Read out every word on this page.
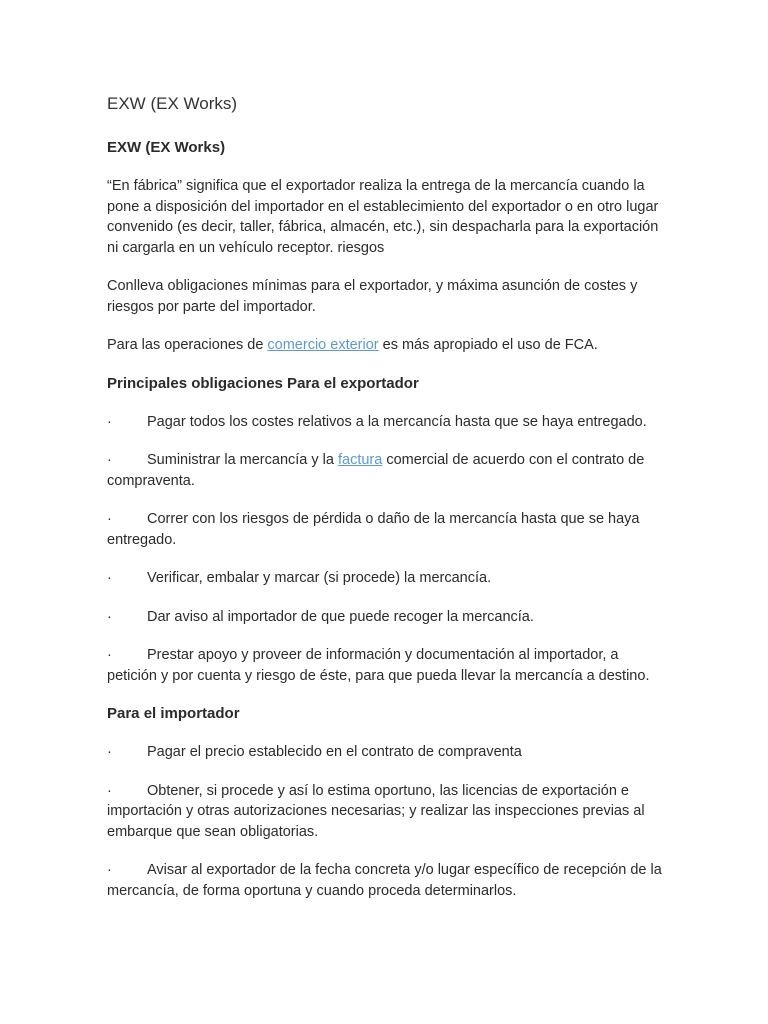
EXW (EX Works)
EXW (EX Works)

“En fábrica” significa que el exportador realiza la entrega de la mercancía cuando la pone a disposición del importador en el establecimiento del exportador o en otro lugar convenido (es decir, taller, fábrica, almacén, etc.), sin despacharla para la exportación ni cargarla en un vehículo receptor. riesgos

Conlleva obligaciones mínimas para el exportador, y máxima asunción de costes y riesgos por parte del importador.

Para las operaciones de comercio exterior es más apropiado el uso de FCA.

Principales obligaciones Para el exportador

· Pagar todos los costes relativos a la mercancía hasta que se haya entregado.

· Suministrar la mercancía y la factura comercial de acuerdo con el contrato de compraventa.

· Correr con los riesgos de pérdida o daño de la mercancía hasta que se haya entregado.

· Verificar, embalar y marcar (si procede) la mercancía.

· Dar aviso al importador de que puede recoger la mercancía.

· Prestar apoyo y proveer de información y documentación al importador, a petición y por cuenta y riesgo de éste, para que pueda llevar la mercancía a destino.

Para el importador

· Pagar el precio establecido en el contrato de compraventa

· Obtener, si procede y así lo estima oportuno, las licencias de exportación e importación y otras autorizaciones necesarias; y realizar las inspecciones previas al embarque que sean obligatorias.

· Avisar al exportador de la fecha concreta y/o lugar específico de recepción de la mercancía, de forma oportuna y cuando proceda determinarlos.
